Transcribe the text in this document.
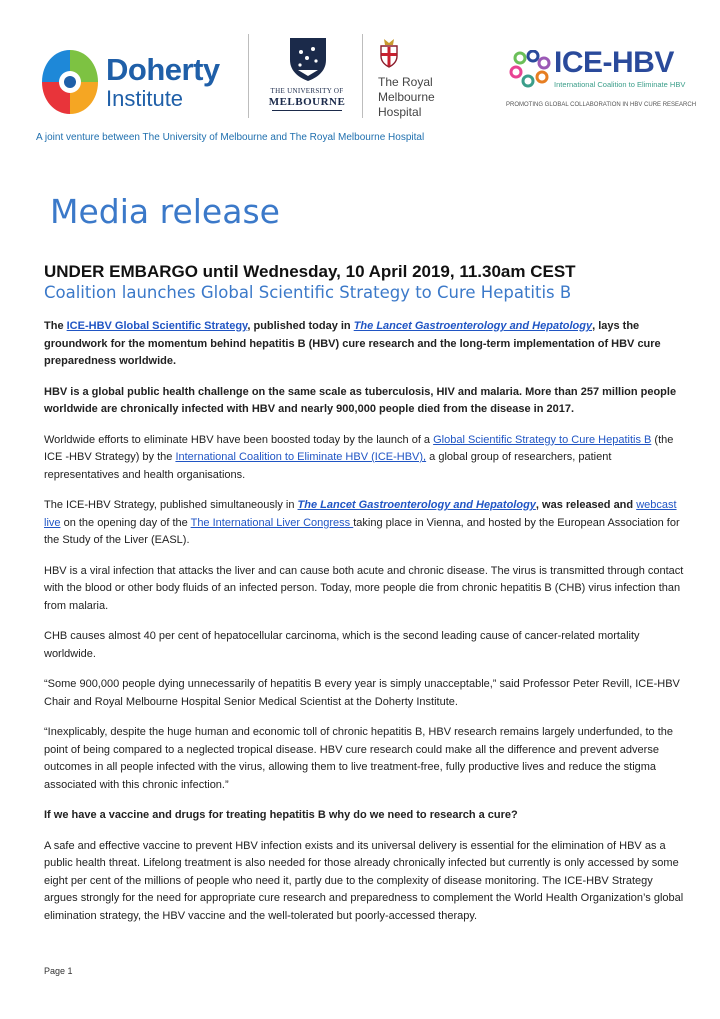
Doherty
Institute	THE UNIVERSITY OF
MELBOURNE
The Royal
Melbourne
Hospital
ICE-HBV
International Coalition to Eliminate HBV
PROMOTING GLOBAL COLLABORATION IN HBV CURE RESEARCH
A joint venture between The University of Melbourne and The Royal Melbourne Hospital
Media release
UNDER EMBARGO until Wednesday, 10 April 2019, 11.30am CEST
Coalition launches Global Scientific Strategy to Cure Hepatitis B

The ICE-HBV Global Scientific Strategy, published today in The Lancet Gastroenterology and Hepatology, lays the groundwork for the momentum behind hepatitis B (HBV) cure research and the long-term implementation of HBV cure preparedness worldwide.

HBV is a global public health challenge on the same scale as tuberculosis, HIV and malaria. More than 257 million people worldwide are chronically infected with HBV and nearly 900,000 people died from the disease in 2017.

Worldwide efforts to eliminate HBV have been boosted today by the launch of a Global Scientific Strategy to Cure Hepatitis B (the ICE -HBV Strategy) by the International Coalition to Eliminate HBV (ICE-HBV), a global group of researchers, patient representatives and health organisations.

The ICE-HBV Strategy, published simultaneously in The Lancet Gastroenterology and Hepatology, was released and webcast live on the opening day of the The International Liver Congress taking place in Vienna, and hosted by the European Association for the Study of the Liver (EASL).

HBV is a viral infection that attacks the liver and can cause both acute and chronic disease. The virus is transmitted through contact with the blood or other body fluids of an infected person. Today, more people die from chronic hepatitis B (CHB) virus infection than from malaria.

CHB causes almost 40 per cent of hepatocellular carcinoma, which is the second leading cause of cancer-related mortality worldwide.

“Some 900,000 people dying unnecessarily of hepatitis B every year is simply unacceptable,” said Professor Peter Revill, ICE-HBV Chair and Royal Melbourne Hospital Senior Medical Scientist at the Doherty Institute.

“Inexplicably, despite the huge human and economic toll of chronic hepatitis B, HBV research remains largely underfunded, to the point of being compared to a neglected tropical disease. HBV cure research could make all the difference and prevent adverse outcomes in all people infected with the virus, allowing them to live treatment-free, fully productive lives and reduce the stigma associated with this chronic infection.”

If we have a vaccine and drugs for treating hepatitis B why do we need to research a cure?

A safe and effective vaccine to prevent HBV infection exists and its universal delivery is essential for the elimination of HBV as a public health threat. Lifelong treatment is also needed for those already chronically infected but currently is only accessed by some eight per cent of the millions of people who need it, partly due to the complexity of disease monitoring. The ICE-HBV Strategy argues strongly for the need for appropriate cure research and preparedness to complement the World Health Organization’s global elimination strategy, the HBV vaccine and the well-tolerated but poorly-accessed therapy.

Page 1
